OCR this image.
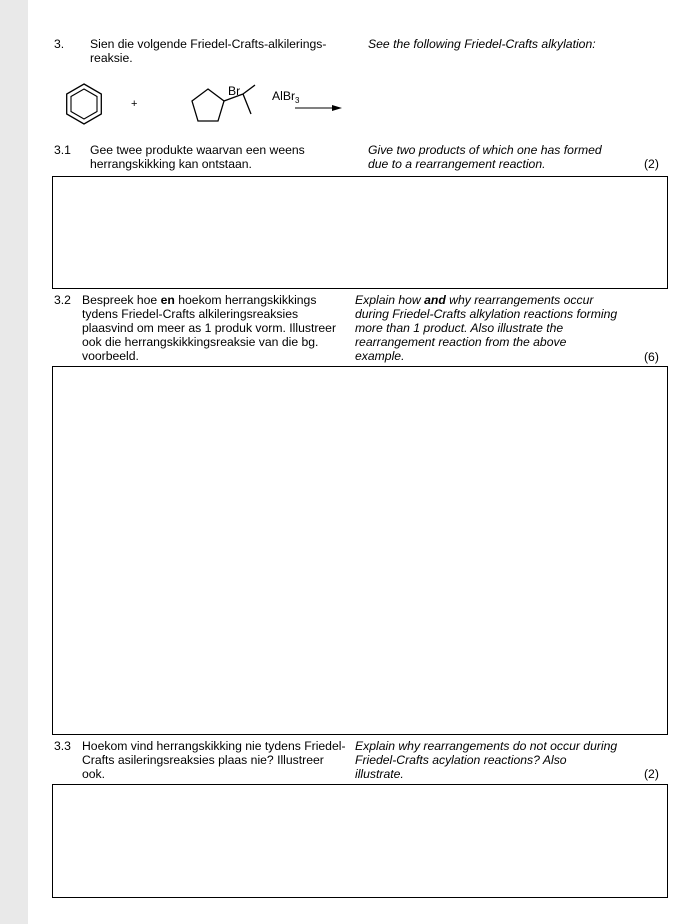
3. Sien die volgende Friedel-Crafts-alkilerings-
reaksie.
See the following Friedel-Crafts alkylation:
+
Br	AlBr$_3$
3.1 Gee twee produkte waarvan een weens
herrangskikking kan ontstaan.
Give two products of which one has formed
due to a rearrangement reaction.	(2)
3.2 Bespreek hoe en hoekom herrangskikkings
tydens Friedel-Crafts alkileringsreaksies
plaasvind om meer as 1 produk vorm. Illustreer
ook die herrangskikkingsreaksie van die bg.
voorbeeld.
Explain how and why rearrangements occur
during Friedel-Crafts alkylation reactions forming
more than 1 product. Also illustrate the
rearrangement reaction from the above
example.	(6)
3.3 Hoekom vind herrangskikking nie tydens Friedel-
Crafts asileringsreaksies plaas nie? Illustreer
ook.
Explain why rearrangements do not occur during
Friedel-Crafts acylation reactions? Also
illustrate.	(2)
